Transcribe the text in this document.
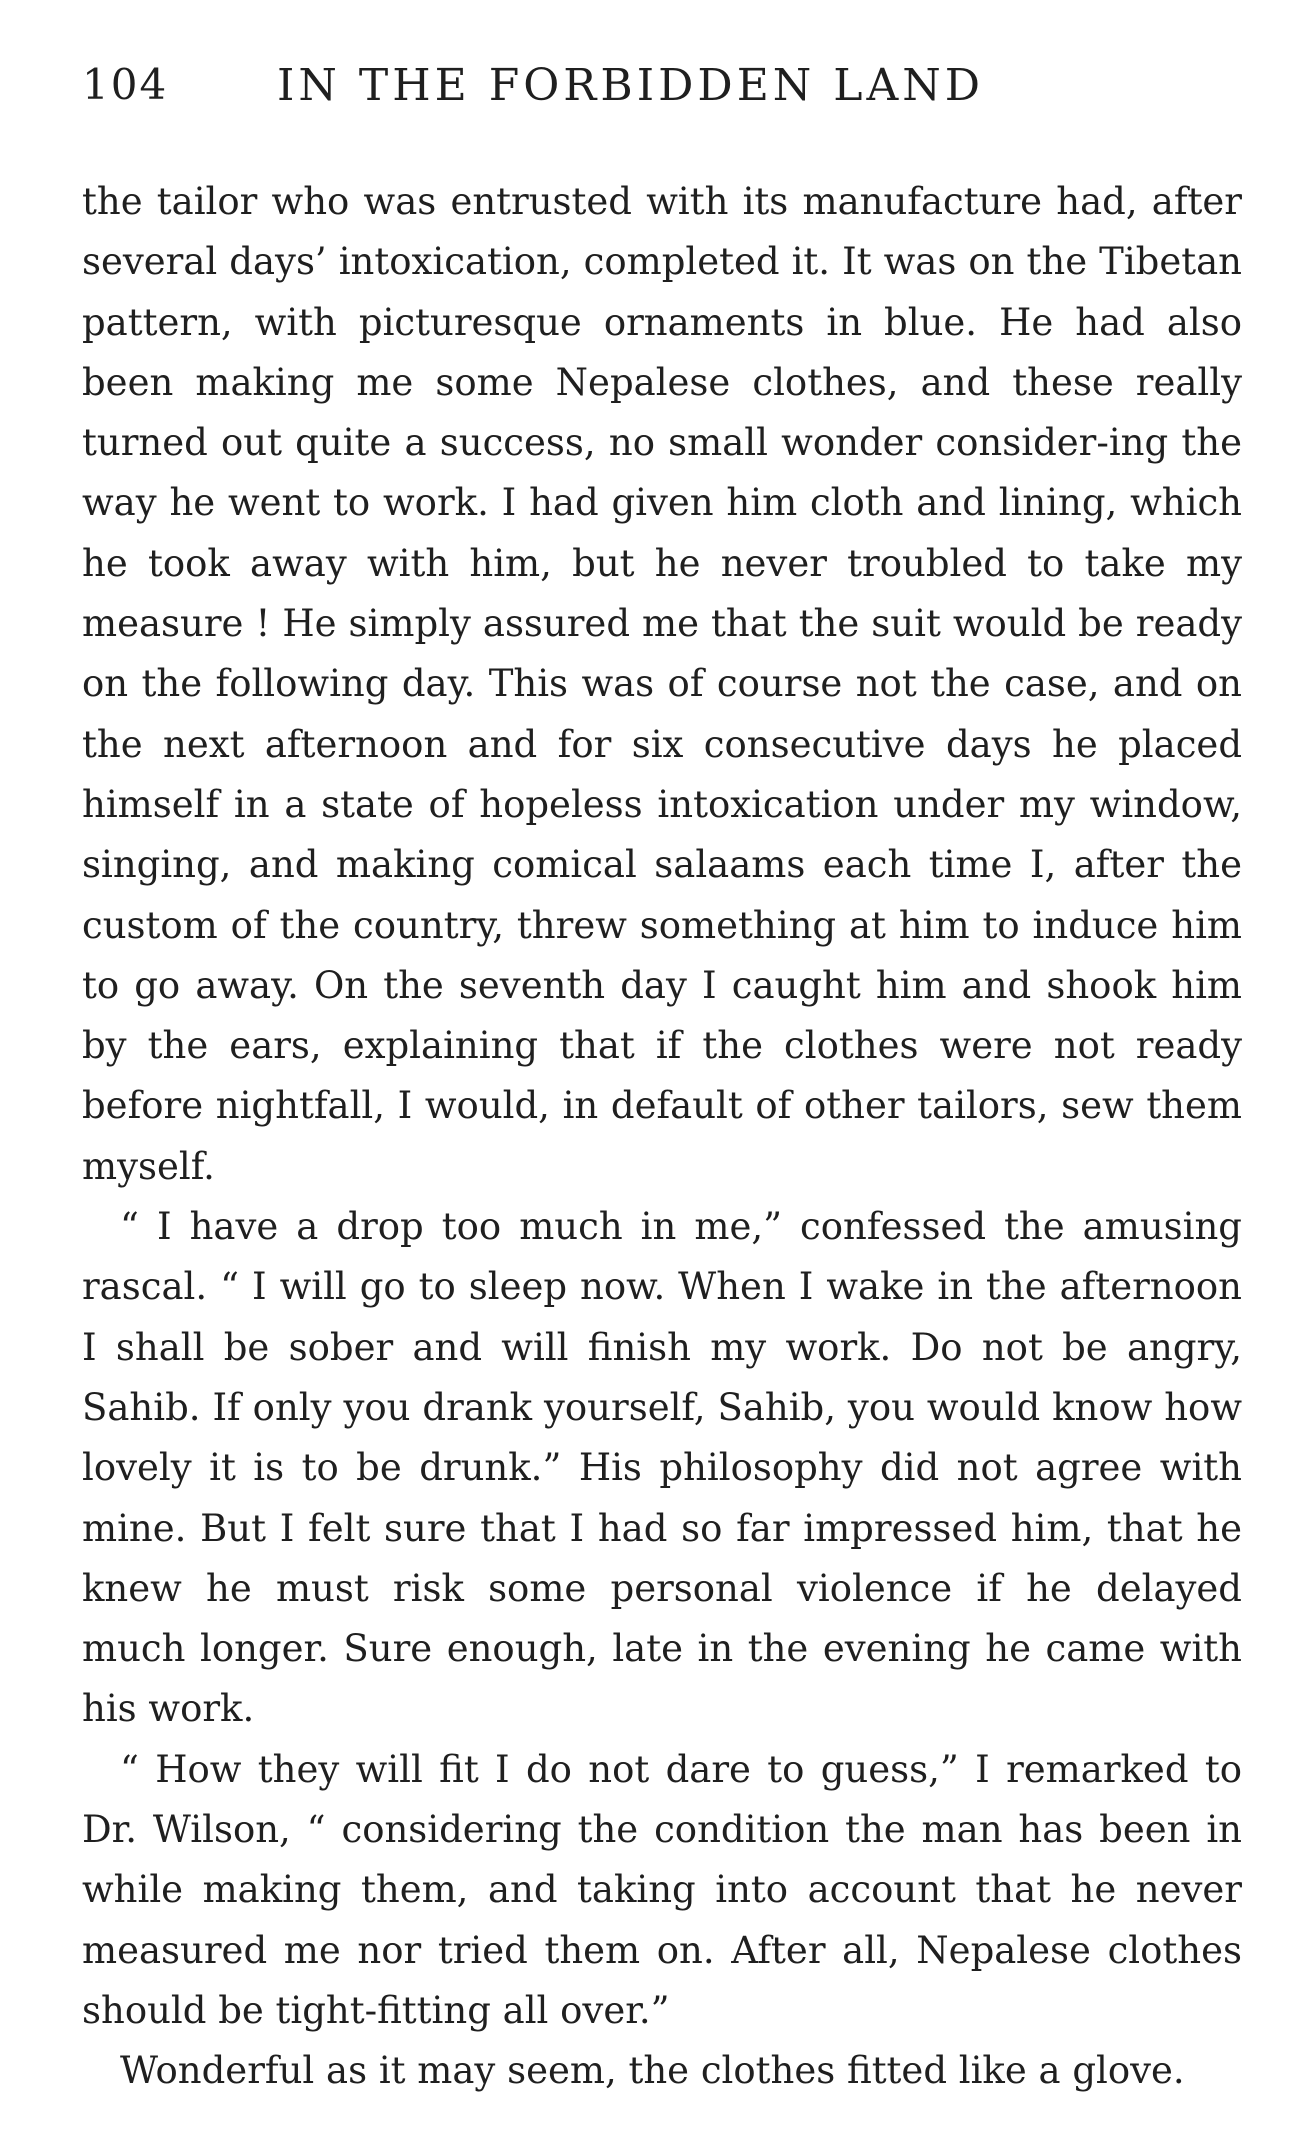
104 IN THE FORBIDDEN LAND

the tailor who was entrusted with its manufacture had, after several days’ intoxication, completed it. It was on the Tibetan pattern, with picturesque ornaments in blue. He had also been making me some Nepalese clothes, and these really turned out quite a success, no small wonder consider-ing the way he went to work. I had given him cloth and lining, which he took away with him, but he never troubled to take my measure ! He simply assured me that the suit would be ready on the following day. This was of course not the case, and on the next afternoon and for six consecutive days he placed himself in a state of hopeless intoxication under my window, singing, and making comical salaams each time I, after the custom of the country, threw something at him to induce him to go away. On the seventh day I caught him and shook him by the ears, explaining that if the clothes were not ready before nightfall, I would, in default of other tailors, sew them myself.

“ I have a drop too much in me,” confessed the amusing rascal. “ I will go to sleep now. When I wake in the afternoon I shall be sober and will finish my work. Do not be angry, Sahib. If only you drank yourself, Sahib, you would know how lovely it is to be drunk.” His philosophy did not agree with mine. But I felt sure that I had so far impressed him, that he knew he must risk some personal violence if he delayed much longer. Sure enough, late in the evening he came with his work.

“ How they will fit I do not dare to guess,” I remarked to Dr. Wilson, “ considering the condition the man has been in while making them, and taking into account that he never measured me nor tried them on. After all, Nepalese clothes should be tight-fitting all over.”

Wonderful as it may seem, the clothes fitted like a glove.
